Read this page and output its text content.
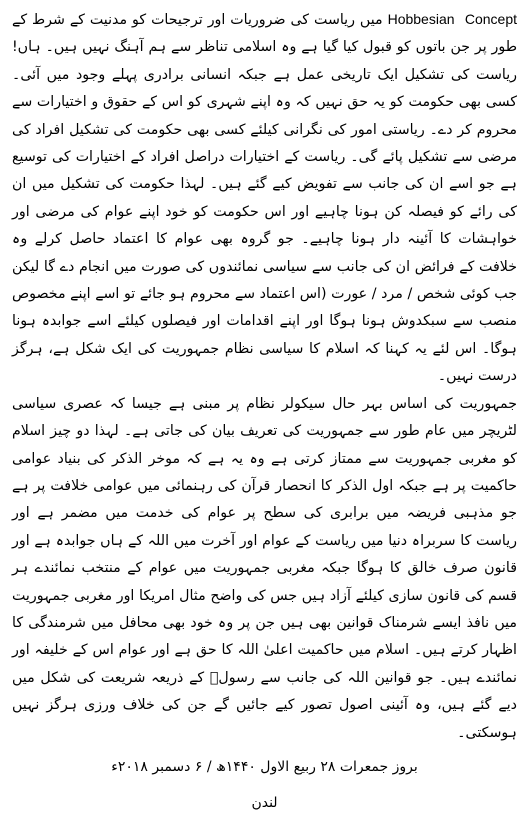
Hobbesian Concept میں ریاست کی ضروریات اور ترجیحات کو مدنیت کے شرط کے طور پر جن باتوں کو قبول کیا گیا ہے وہ اسلامی تناظر سے ہم آہنگ نہیں ہیں۔ ہاں! ریاست کی تشکیل ایک تاریخی عمل ہے جبکہ انسانی برادری پہلے وجود میں آئی۔ کسی بھی حکومت کو یہ حق نہیں کہ وہ اپنے شہری کو اس کے حقوق و اختیارات سے محروم کر دے۔ ریاستی امور کی نگرانی کیلئے کسی بھی حکومت کی تشکیل افراد کی مرضی سے تشکیل پائے گی۔ ریاست کے اختیارات دراصل افراد کے اختیارات کی توسیع ہے جو اسے ان کی جانب سے تفویض کیے گئے ہیں۔ لہذا حکومت کی تشکیل میں ان کی رائے کو فیصلہ کن ہونا چاہیے اور اس حکومت کو خود اپنے عوام کی مرضی اور خواہشات کا آئینہ دار ہونا چاہیے۔ جو گروہ بھی عوام کا اعتماد حاصل کرلے وہ خلافت کے فرائض ان کی جانب سے سیاسی نمائندوں کی صورت میں انجام دے گا لیکن جب کوئی شخص / مرد / عورت (اس اعتماد سے محروم ہو جائے تو اسے اپنے مخصوص منصب سے سبکدوش ہونا ہوگا اور اپنے اقدامات اور فیصلوں کیلئے اسے جوابدہ ہونا ہوگا۔ اس لئے یہ کہنا کہ اسلام کا سیاسی نظام جمہوریت کی ایک شکل ہے، ہرگز درست نہیں۔

جمہوریت کی اساس بہر حال سیکولر نظام پر مبنی ہے جیسا کہ عصری سیاسی لٹریچر میں عام طور سے جمہوریت کی تعریف بیان کی جاتی ہے۔ لہذا دو چیز اسلام کو مغربی جمہوریت سے ممتاز کرتی ہے وہ یہ ہے کہ موخر الذکر کی بنیاد عوامی حاکمیت پر ہے جبکہ اول الذکر کا انحصار قرآن کی رہنمائی میں عوامی خلافت پر ہے جو مذہبی فریضہ میں برابری کی سطح پر عوام کی خدمت میں مضمر ہے اور ریاست کا سربراہ دنیا میں ریاست کے عوام اور آخرت میں اللہ کے ہاں جوابدہ ہے اور قانون صرف خالق کا ہوگا جبکہ مغربی جمہوریت میں عوام کے منتخب نمائندے ہر قسم کی قانون سازی کیلئے آزاد ہیں جس کی واضح مثال امریکا اور مغربی جمہوریت میں نافذ ایسے شرمناک قوانین بھی ہیں جن پر وہ خود بھی محافل میں شرمندگی کا اظہار کرتے ہیں۔ اسلام میں حاکمیت اعلیٰ اللہ کا حق ہے اور عوام اس کے خلیفہ اور نمائندے ہیں۔ جو قوانین اللہ کی جانب سے رسولؐ کے ذریعہ شریعت کی شکل میں دیے گئے ہیں، وہ آئینی اصول تصور کیے جائیں گے جن کی خلاف ورزی ہرگز نہیں ہوسکتی۔

بروز جمعرات ۲۸ ربیع الاول ۱۴۴۰ھ / ۶ دسمبر ۲۰۱۸ء

لندن
